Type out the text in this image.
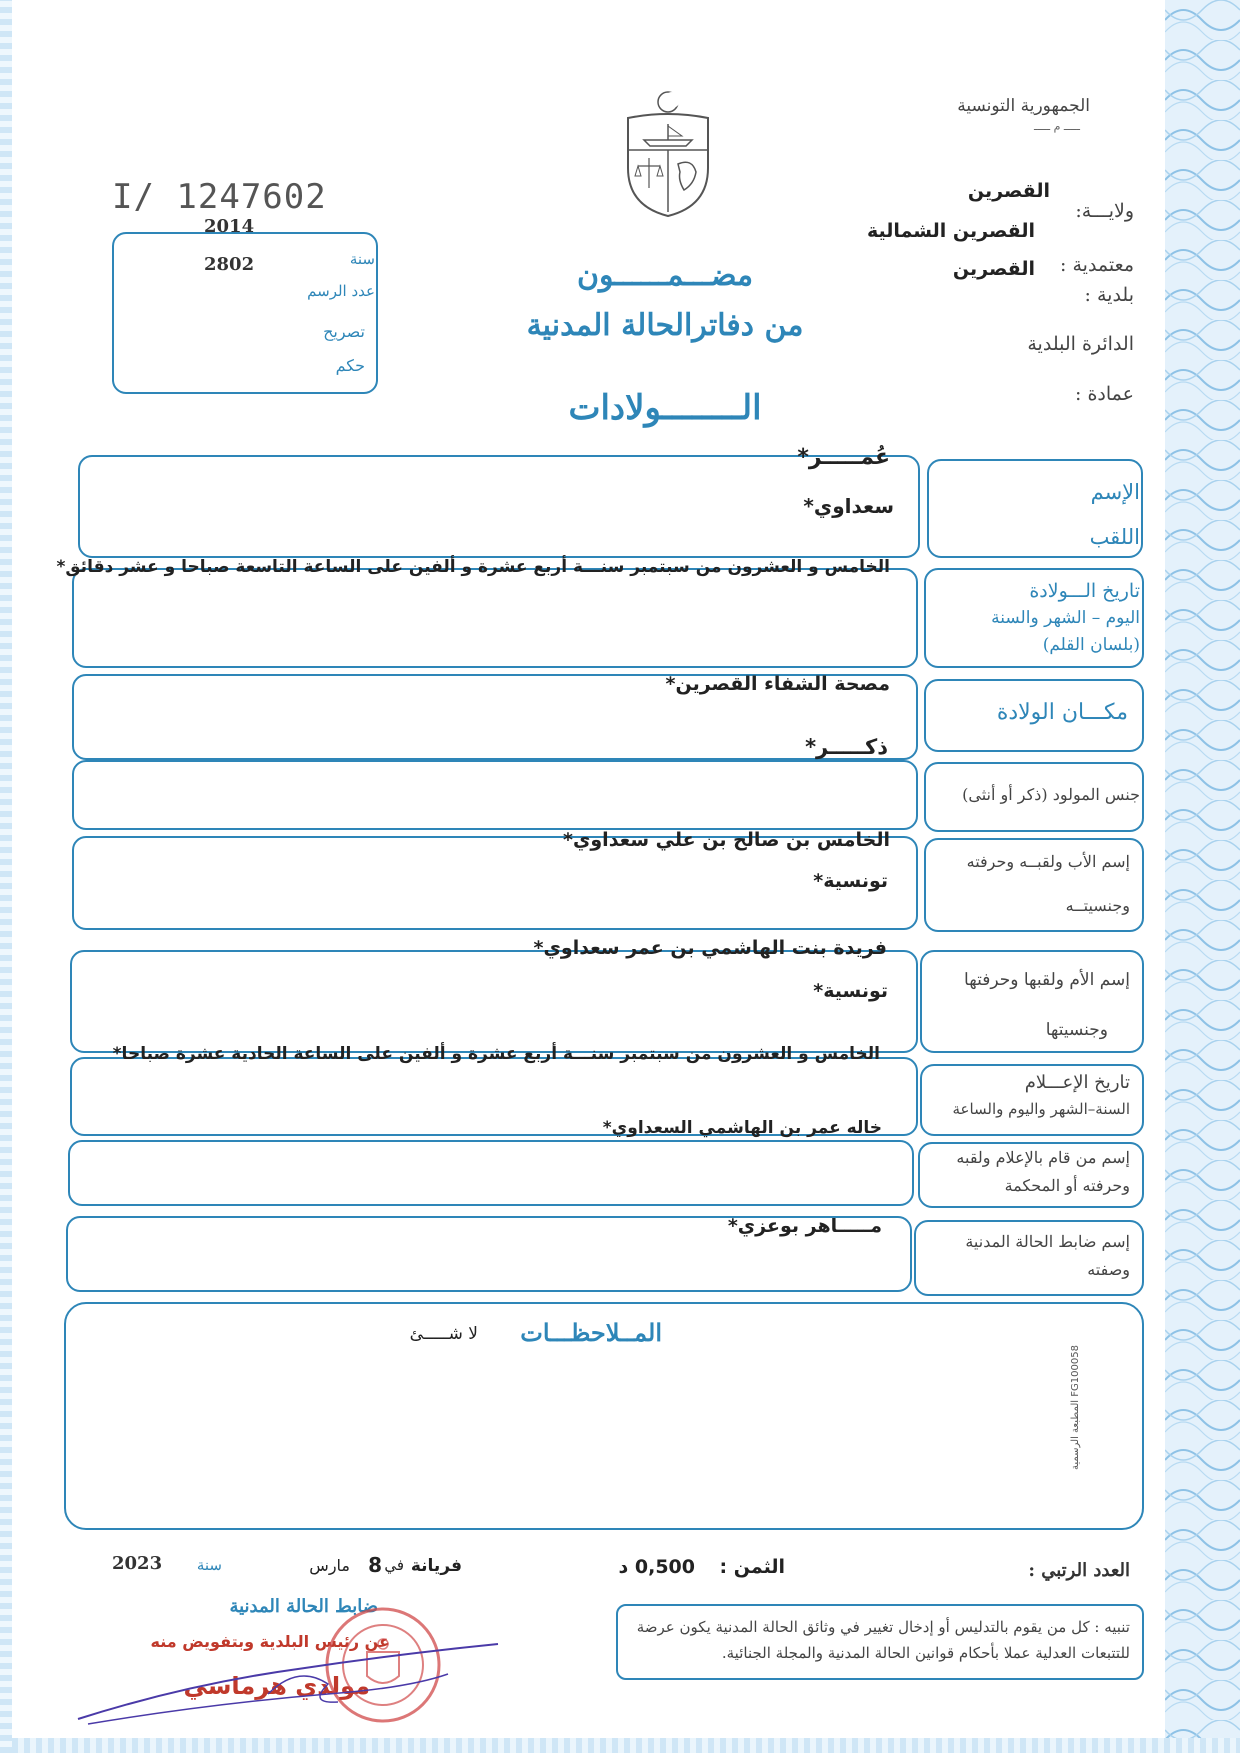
الجمهورية التونسية
ـــــ م ـــــ
ولايـــة:
القصرين
معتمدية :
القصرين الشمالية
بلدية :
القصرين
الدائرة البلدية
عمادة :
I/ 1247602
2014
سنة
2802
عدد الرسم
تصريح
حكم
مضـــمــــــون
من دفاترالحالة المدنية
الــــــــولادات
الإسم
اللقب
عُمـــــر*
سعداوي*
تاريخ الـــولادة
اليوم – الشهر والسنة
(بلسان القلم)
الخامس و العشرون من سبتمبر سنـــة أربع عشرة و ألفين على الساعة التاسعة صباحا و عشر دقائق*
مكـــان الولادة
مصحة الشفاء القصرين*
ذكـــــر*
جنس المولود (ذكر أو أنثى)
إسم الأب ولقبــه وحرفته
وجنسيتــه
الخامس بن صالح بن علي سعداوي*
تونسية*
إسم الأم ولقبها وحرفتها
وجنسيتها
فريدة بنت الهاشمي بن عمر سعداوي*
تونسية*
تاريخ الإعـــلام
السنة–الشهر واليوم والساعة
الخامس و العشرون من سبتمبر سنـــة أربع عشرة و ألفين على الساعة الحادية عشرة صباحا*
خاله عمر بن الهاشمي السعداوي*
إسم من قام بالإعلام ولقبه
وحرفته أو المحكمة
مـــــاهر بوعزي*
إسم ضابط الحالة المدنية
وصفته
المــلاحظـــات
لا شـــــئ
المطبعة الرسمية FG100058
العدد الرتبي :
الثمن :
0,500 د
فريانة
في
8
مارس
سنة
2023
تنبيه : كل من يقوم بالتدليس أو إدخال تغيير في وثائق الحالة المدنية يكون عرضة للتتبعات العدلية عملا بأحكام قوانين الحالة المدنية والمجلة الجنائية.
ضابط الحالة المدنية
عن رئيس البلدية وبتفويض منه
مولدي هرماسي
